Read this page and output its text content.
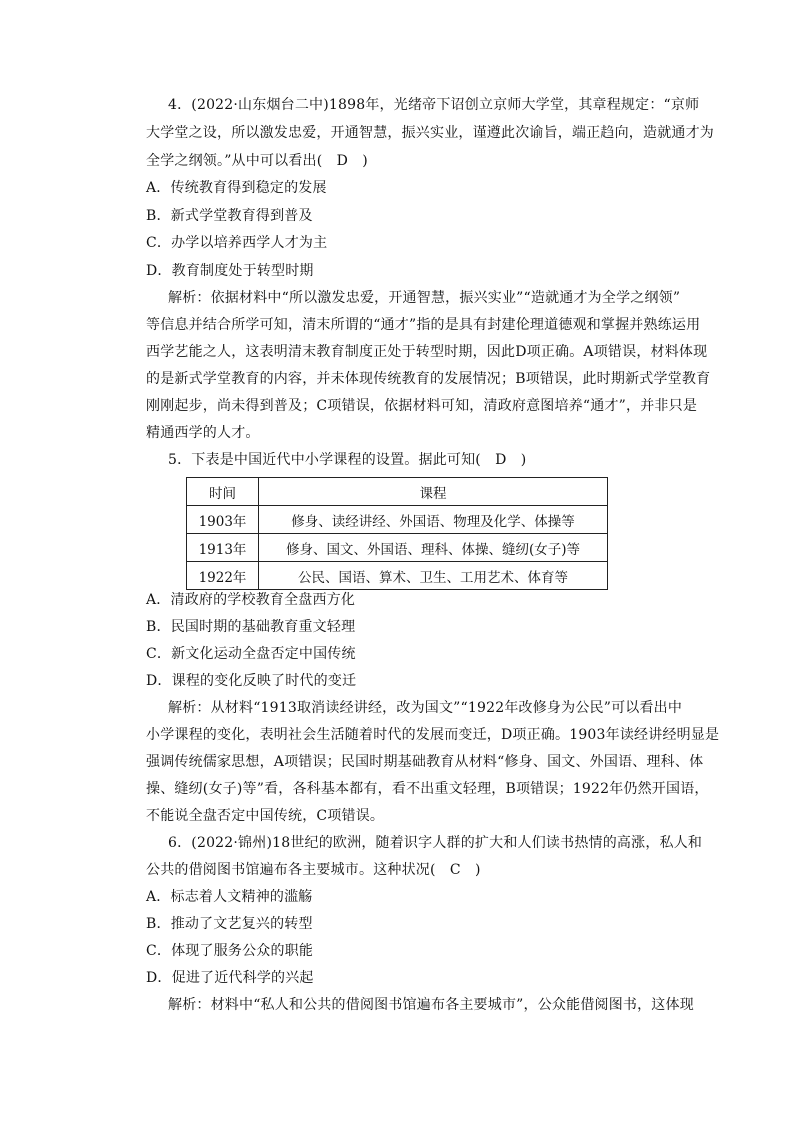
4．(2022·山东烟台二中)1898年，光绪帝下诏创立京师大学堂，其章程规定：“京师
大学堂之设，所以激发忠爱，开通智慧，振兴实业，谨遵此次谕旨，端正趋向，造就通才为
全学之纲领。”从中可以看出(　D　)
A．传统教育得到稳定的发展
B．新式学堂教育得到普及
C．办学以培养西学人才为主
D．教育制度处于转型时期
解析：依据材料中“所以激发忠爱，开通智慧，振兴实业”“造就通才为全学之纲领”
等信息并结合所学可知，清末所谓的“通才”指的是具有封建伦理道德观和掌握并熟练运用
西学艺能之人，这表明清末教育制度正处于转型时期，因此D项正确。A项错误，材料体现
的是新式学堂教育的内容，并未体现传统教育的发展情况；B项错误，此时期新式学堂教育
刚刚起步，尚未得到普及；C项错误，依据材料可知，清政府意图培养“通才”，并非只是
精通西学的人才。
5．下表是中国近代中小学课程的设置。据此可知(　D　)
时间	课程
1903年	修身、读经讲经、外国语、物理及化学、体操等
1913年	修身、国文、外国语、理科、体操、缝纫(女子)等
1922年	公民、国语、算术、卫生、工用艺术、体育等
A．清政府的学校教育全盘西方化
B．民国时期的基础教育重文轻理
C．新文化运动全盘否定中国传统
D．课程的变化反映了时代的变迁
解析：从材料“1913取消读经讲经，改为国文”“1922年改修身为公民”可以看出中
小学课程的变化，表明社会生活随着时代的发展而变迁，D项正确。1903年读经讲经明显是
强调传统儒家思想，A项错误；民国时期基础教育从材料“修身、国文、外国语、理科、体
操、缝纫(女子)等”看，各科基本都有，看不出重文轻理，B项错误；1922年仍然开国语，
不能说全盘否定中国传统，C项错误。
6．(2022·锦州)18世纪的欧洲，随着识字人群的扩大和人们读书热情的高涨，私人和
公共的借阅图书馆遍布各主要城市。这种状况(　C　)
A．标志着人文精神的滥觞
B．推动了文艺复兴的转型
C．体现了服务公众的职能
D．促进了近代科学的兴起
解析：材料中“私人和公共的借阅图书馆遍布各主要城市”，公众能借阅图书，这体现
